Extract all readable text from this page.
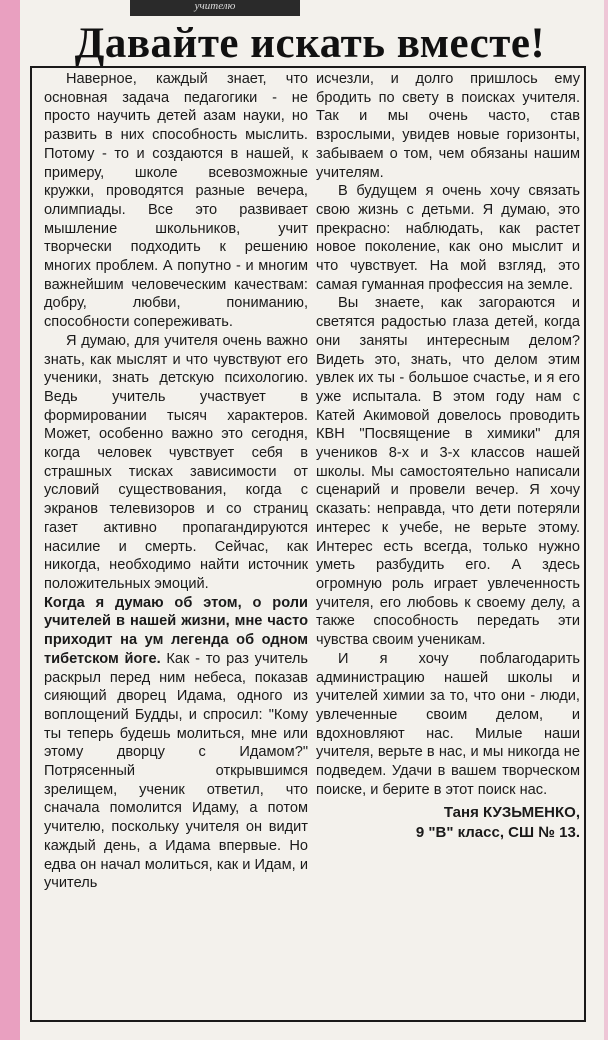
учителю
Давайте искать вместе!

Наверное, каждый знает, что основная задача педагогики - не просто научить детей азам науки, но развить в них способность мыслить. Потому - то и создаются в нашей, к примеру, школе всевозможные кружки, проводятся разные вечера, олимпиады. Все это развивает мышление школьников, учит творчески подходить к решению многих проблем. А попутно - и многим важнейшим человеческим качествам: добру, любви, пониманию, способности сопереживать.

Я думаю, для учителя очень важно знать, как мыслят и что чувствуют его ученики, знать детскую психологию. Ведь учитель участвует в формировании тысяч характеров. Может, особенно важно это сегодня, когда человек чувствует себя в страшных тисках зависимости от условий существования, когда с экранов телевизоров и со страниц газет активно пропагандируются насилие и смерть. Сейчас, как никогда, необходимо найти источник положительных эмоций.

Когда я думаю об этом, о роли учителей в нашей жизни, мне часто приходит на ум легенда об одном тибетском йоге. Как - то раз учитель раскрыл перед ним небеса, показав сияющий дворец Идама, одного из воплощений Будды, и спросил: "Кому ты теперь будешь молиться, мне или этому дворцу с Идамом?" Потрясенный открывшимся зрелищем, ученик ответил, что сначала помолится Идаму, а потом учителю, поскольку учителя он видит каждый день, а Идама впервые. Но едва он начал молиться, как и Идам, и учитель

исчезли, и долго пришлось ему бродить по свету в поисках учителя. Так и мы очень часто, став взрослыми, увидев новые горизонты, забываем о том, чем обязаны нашим учителям.

В будущем я очень хочу связать свою жизнь с детьми. Я думаю, это прекрасно: наблюдать, как растет новое поколение, как оно мыслит и что чувствует. На мой взгляд, это самая гуманная профессия на земле.

Вы знаете, как загораются и светятся радостью глаза детей, когда они заняты интересным делом? Видеть это, знать, что делом этим увлек их ты - большое счастье, и я его уже испытала. В этом году нам с Катей Акимовой довелось проводить КВН "Посвящение в химики" для учеников 8-х и 3-х классов нашей школы. Мы самостоятельно написали сценарий и провели вечер. Я хочу сказать: неправда, что дети потеряли интерес к учебе, не верьте этому. Интерес есть всегда, только нужно уметь разбудить его. А здесь огромную роль играет увлеченность учителя, его любовь к своему делу, а также способность передать эти чувства своим ученикам.

И я хочу поблагодарить администрацию нашей школы и учителей химии за то, что они - люди, увлеченные своим делом, и вдохновляют нас. Милые наши учителя, верьте в нас, и мы никогда не подведем. Удачи в вашем творческом поиске, и берите в этот поиск нас.

Таня КУЗЬМЕНКО,
9 "В" класс, СШ № 13.
